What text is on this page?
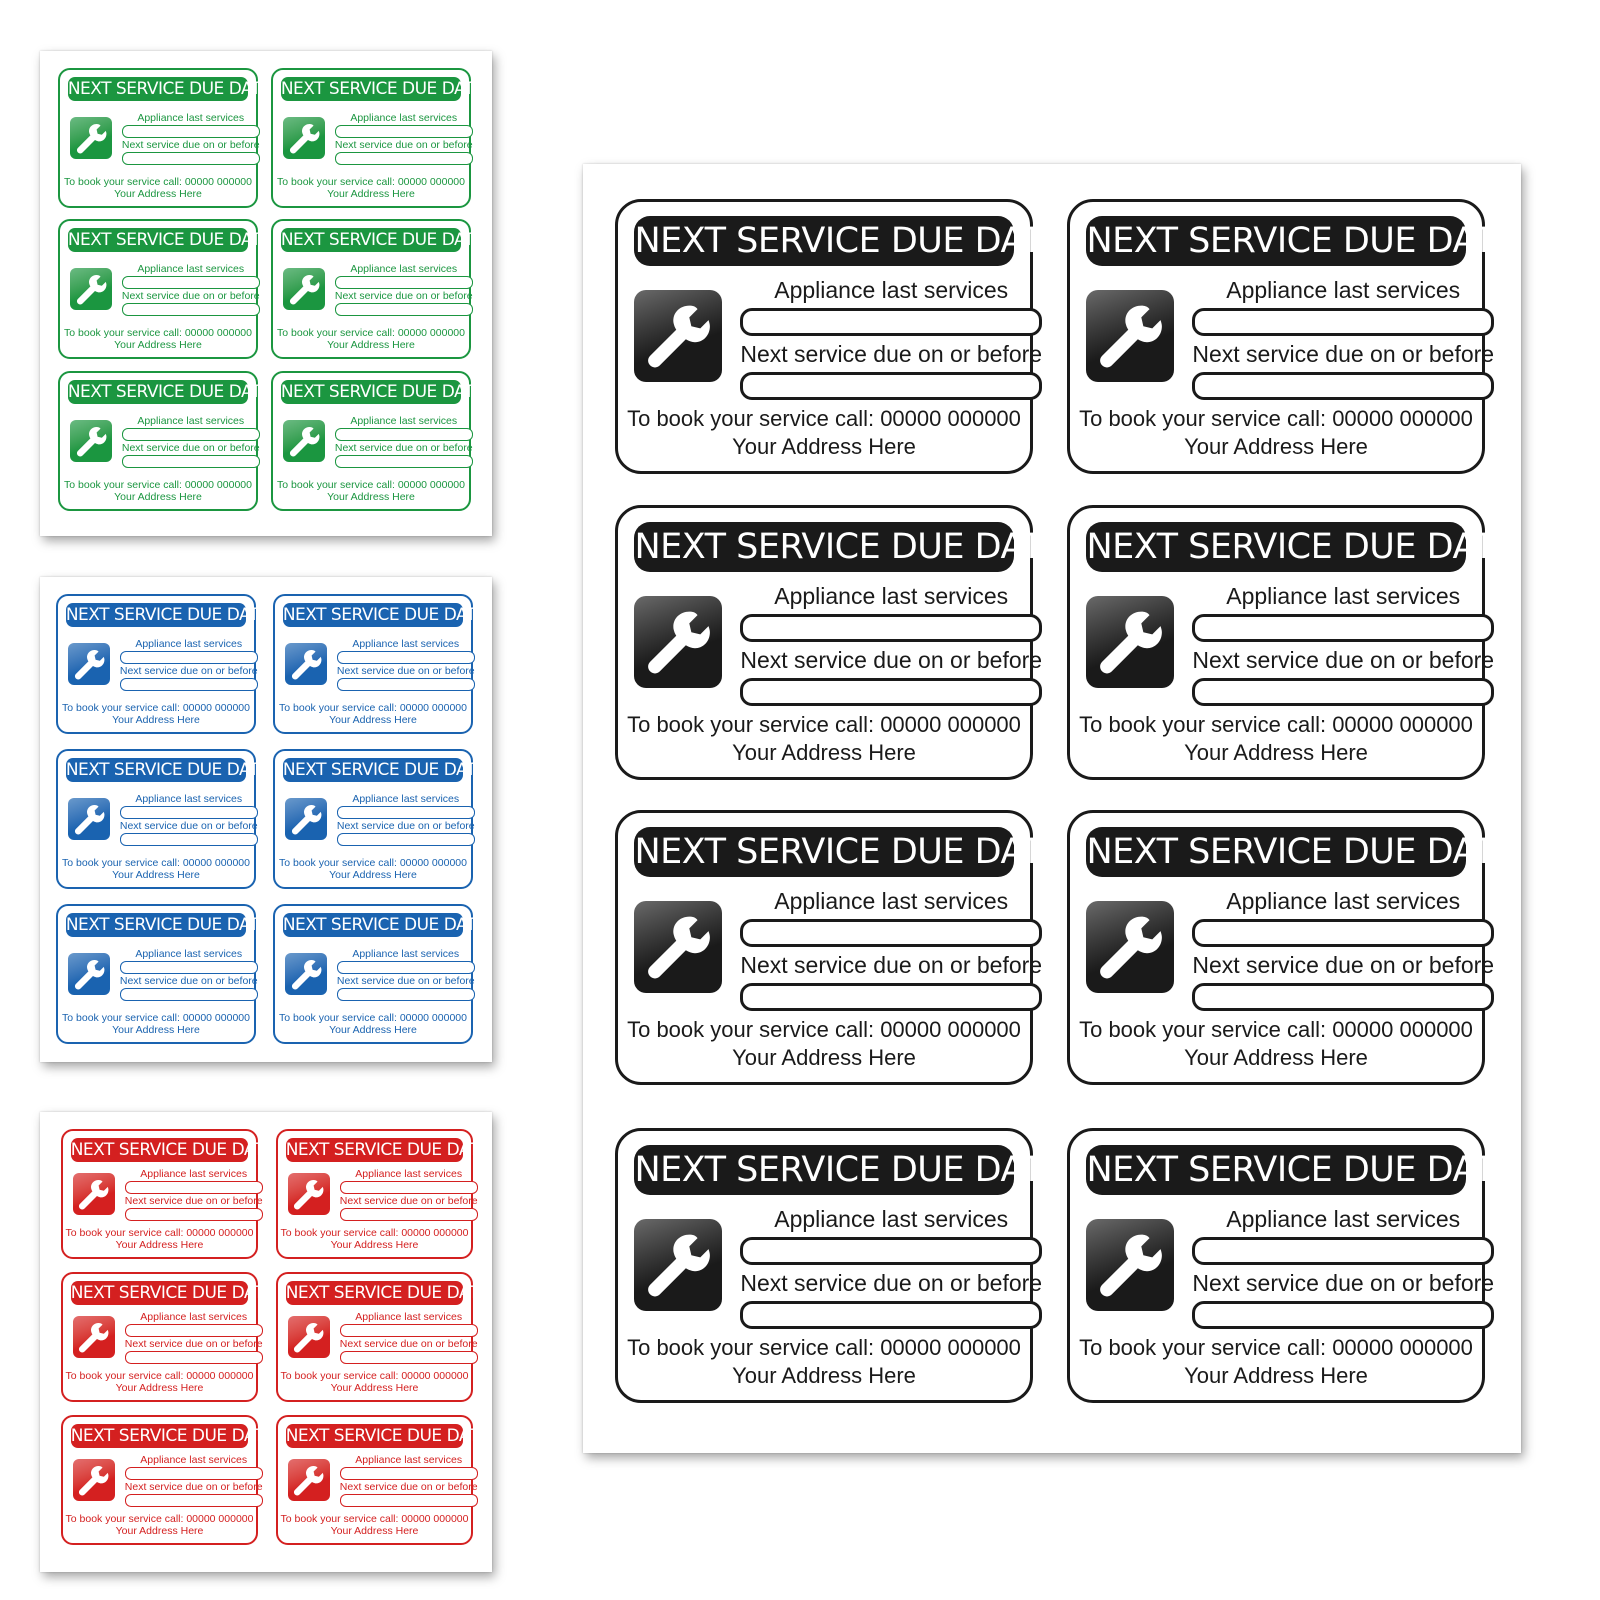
NEXT SERVICE DUE DATE
Appliance last services
Next service due on or before
To book your service call: 00000 000000
Your Address Here
NEXT SERVICE DUE DATE
Appliance last services
Next service due on or before
To book your service call: 00000 000000
Your Address Here
NEXT SERVICE DUE DATE
Appliance last services
Next service due on or before
To book your service call: 00000 000000
Your Address Here
NEXT SERVICE DUE DATE
Appliance last services
Next service due on or before
To book your service call: 00000 000000
Your Address Here
NEXT SERVICE DUE DATE
Appliance last services
Next service due on or before
To book your service call: 00000 000000
Your Address Here
NEXT SERVICE DUE DATE
Appliance last services
Next service due on or before
To book your service call: 00000 000000
Your Address Here
NEXT SERVICE DUE DATE
Appliance last services
Next service due on or before
To book your service call: 00000 000000
Your Address Here
NEXT SERVICE DUE DATE
Appliance last services
Next service due on or before
To book your service call: 00000 000000
Your Address Here
NEXT SERVICE DUE DATE
Appliance last services
Next service due on or before
To book your service call: 00000 000000
Your Address Here
NEXT SERVICE DUE DATE
Appliance last services
Next service due on or before
To book your service call: 00000 000000
Your Address Here
NEXT SERVICE DUE DATE
Appliance last services
Next service due on or before
To book your service call: 00000 000000
Your Address Here
NEXT SERVICE DUE DATE
Appliance last services
Next service due on or before
To book your service call: 00000 000000
Your Address Here
NEXT SERVICE DUE DATE
Appliance last services
Next service due on or before
To book your service call: 00000 000000
Your Address Here
NEXT SERVICE DUE DATE
Appliance last services
Next service due on or before
To book your service call: 00000 000000
Your Address Here
NEXT SERVICE DUE DATE
Appliance last services
Next service due on or before
To book your service call: 00000 000000
Your Address Here
NEXT SERVICE DUE DATE
Appliance last services
Next service due on or before
To book your service call: 00000 000000
Your Address Here
NEXT SERVICE DUE DATE
Appliance last services
Next service due on or before
To book your service call: 00000 000000
Your Address Here
NEXT SERVICE DUE DATE
Appliance last services
Next service due on or before
To book your service call: 00000 000000
Your Address Here
NEXT SERVICE DUE DATE
Appliance last services
Next service due on or before
To book your service call: 00000 000000
Your Address Here
NEXT SERVICE DUE DATE
Appliance last services
Next service due on or before
To book your service call: 00000 000000
Your Address Here
NEXT SERVICE DUE DATE
Appliance last services
Next service due on or before
To book your service call: 00000 000000
Your Address Here
NEXT SERVICE DUE DATE
Appliance last services
Next service due on or before
To book your service call: 00000 000000
Your Address Here
NEXT SERVICE DUE DATE
Appliance last services
Next service due on or before
To book your service call: 00000 000000
Your Address Here
NEXT SERVICE DUE DATE
Appliance last services
Next service due on or before
To book your service call: 00000 000000
Your Address Here
NEXT SERVICE DUE DATE
Appliance last services
Next service due on or before
To book your service call: 00000 000000
Your Address Here
NEXT SERVICE DUE DATE
Appliance last services
Next service due on or before
To book your service call: 00000 000000
Your Address Here
